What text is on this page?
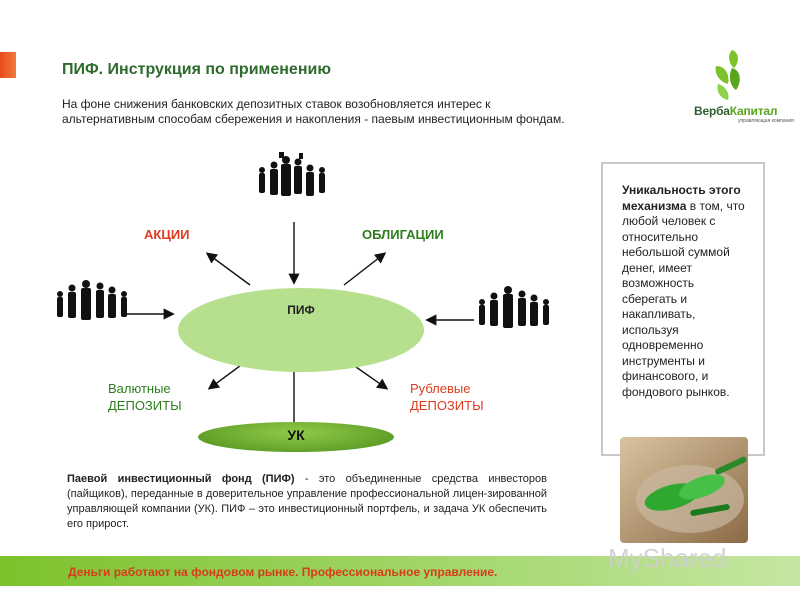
ПИФ. Инструкция по применению
На фоне снижения банковских депозитных ставок возобновляется интерес к
альтернативным способам сбережения и накопления - паевым инвестиционным фондам.
ВербаКапитал
управляющая компания
ПИФ
УК
АКЦИИ	ОБЛИГАЦИИ
Валютные
ДЕПОЗИТЫ
Рублевые
ДЕПОЗИТЫ
Уникальность этого механизма в том, что любой человек с относительно небольшой суммой денег, имеет возможность сберегать и накапливать, используя одновременно инструменты и финансового, и фондового рынков.
Паевой инвестиционный фонд (ПИФ) - это объединенные средства инвесторов (пайщиков), переданные в доверительное управление профессиональной лицен-зированной управляющей компании (УК). ПИФ – это инвестиционный портфель, и задача УК обеспечить его прирост.
Деньги работают на фондовом рынке. Профессиональное управление.	MyShared
